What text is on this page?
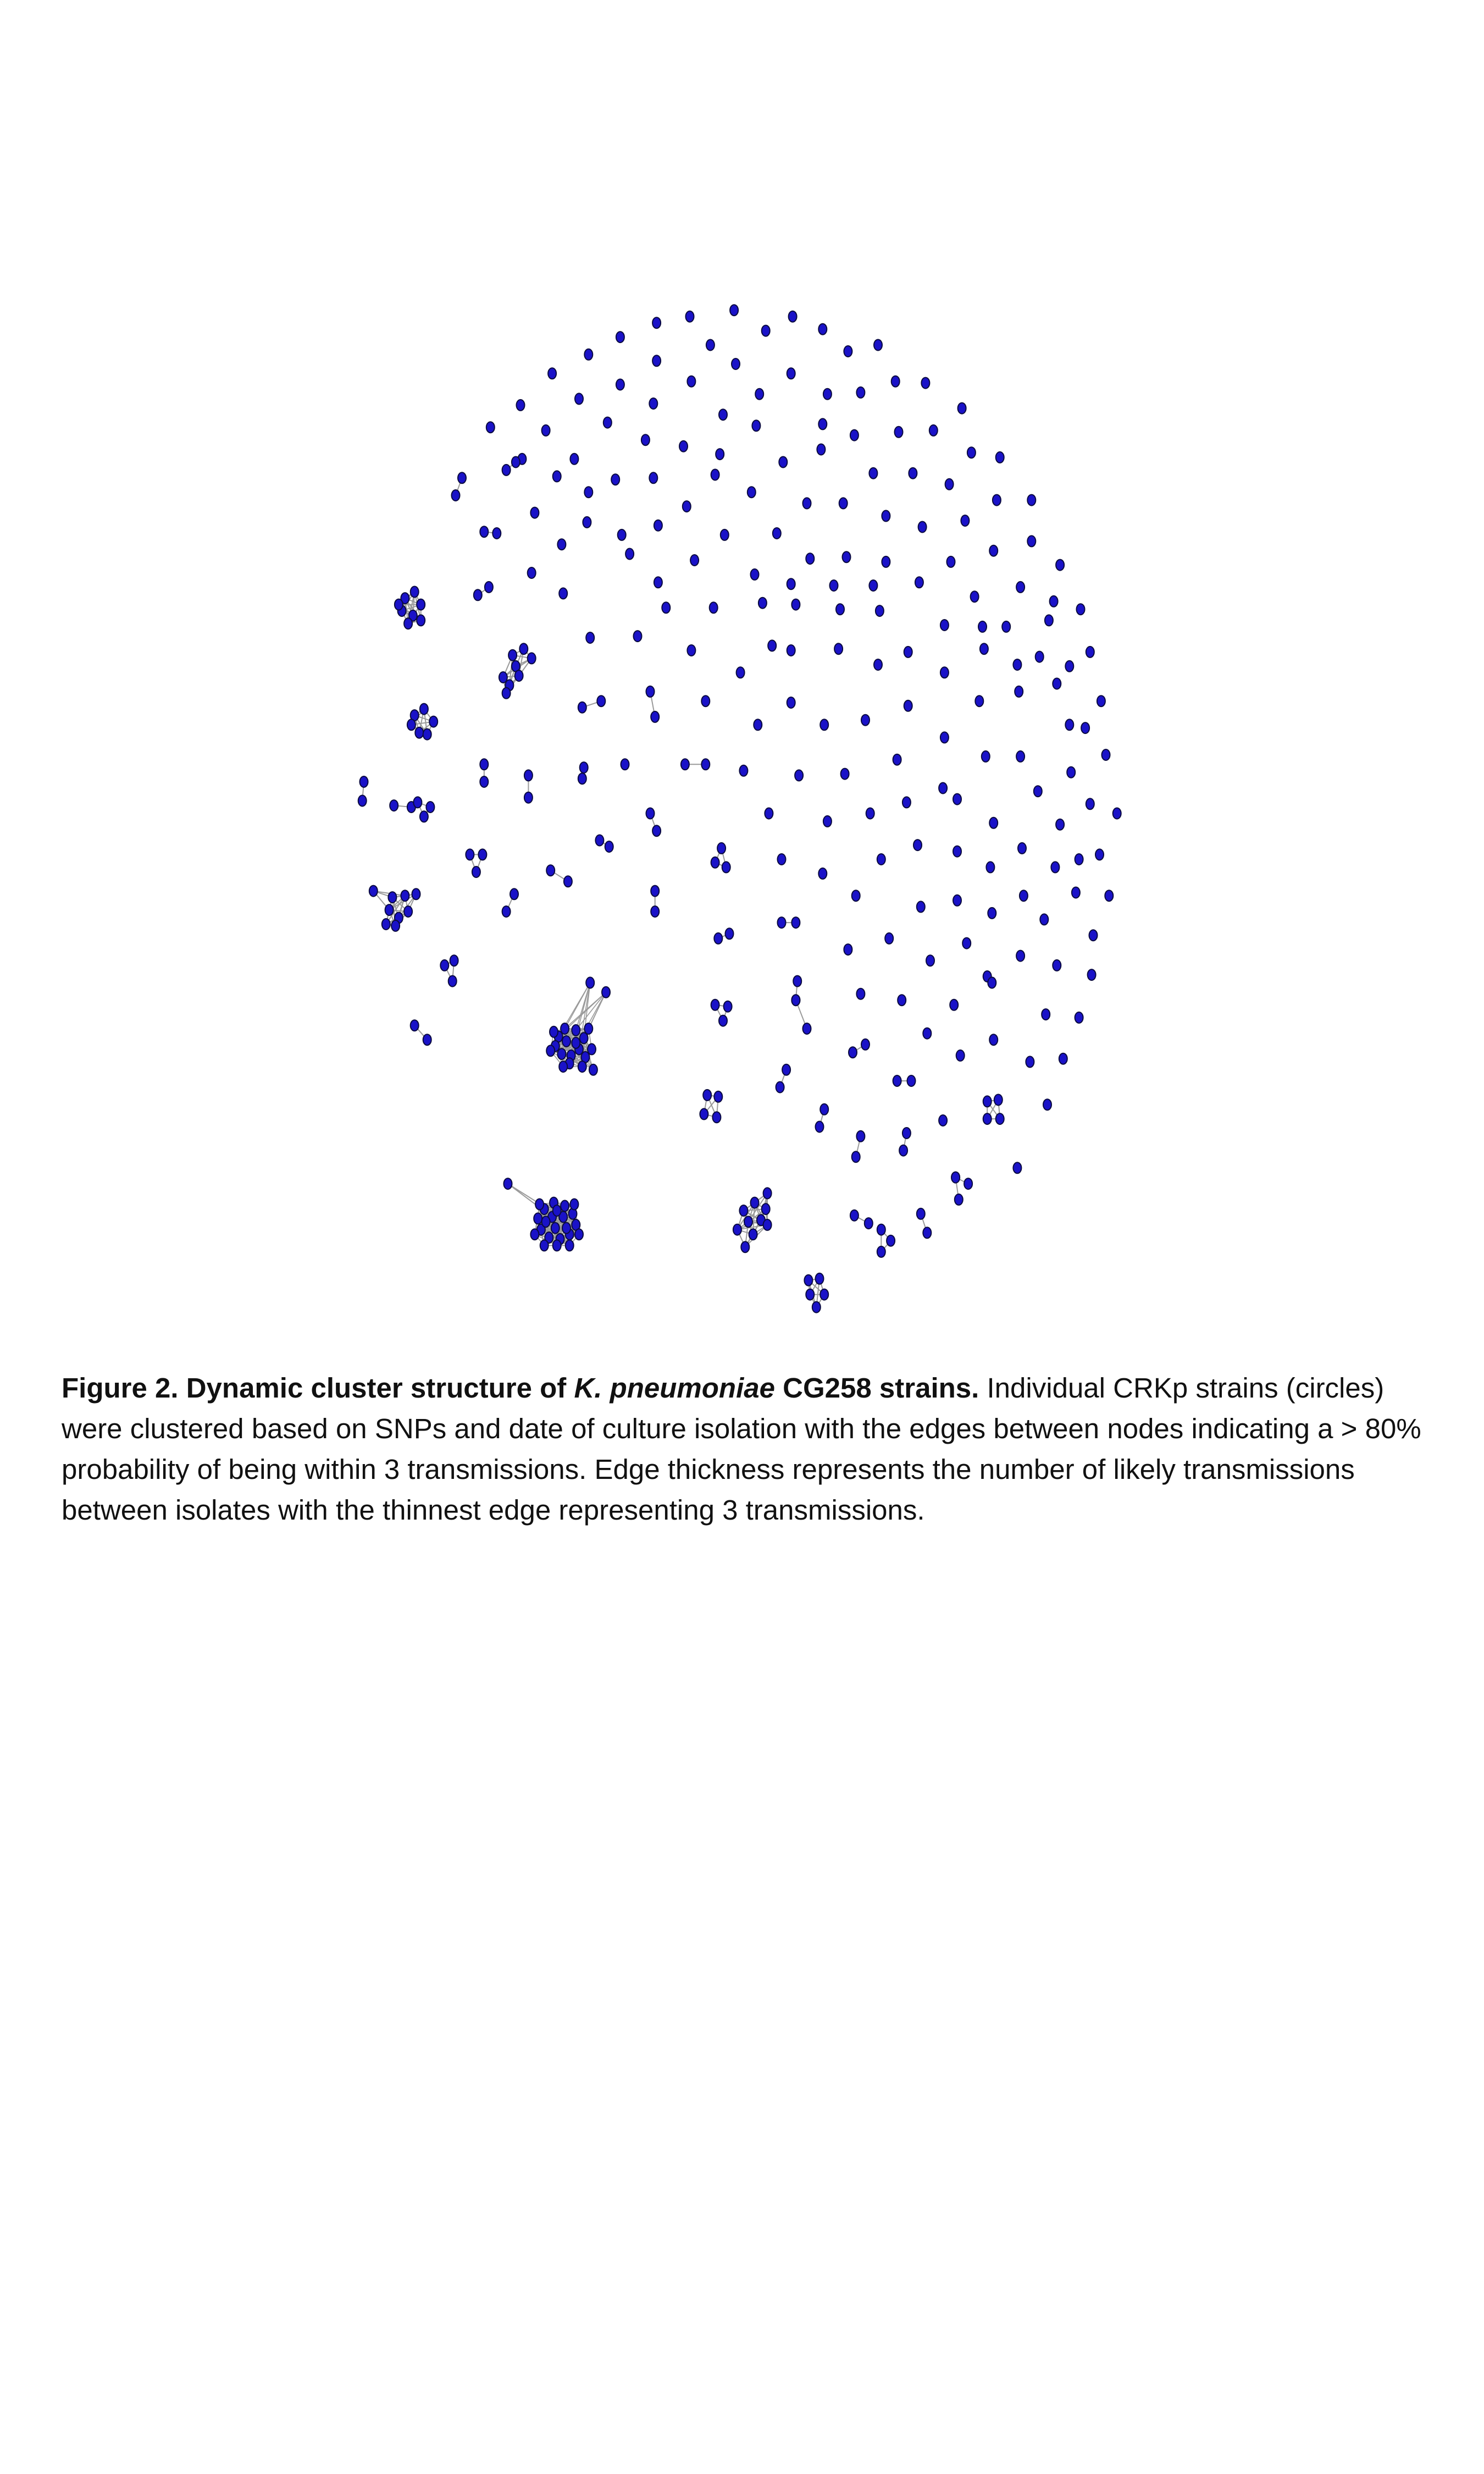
Figure 2. Dynamic cluster structure of K. pneumoniae CG258 strains. Individual CRKp strains (circles) were clustered based on SNPs and date of culture isolation with the edges between nodes indicating a > 80% probability of being within 3 transmissions. Edge thickness represents the number of likely transmissions between isolates with the thinnest edge representing 3 transmissions.
